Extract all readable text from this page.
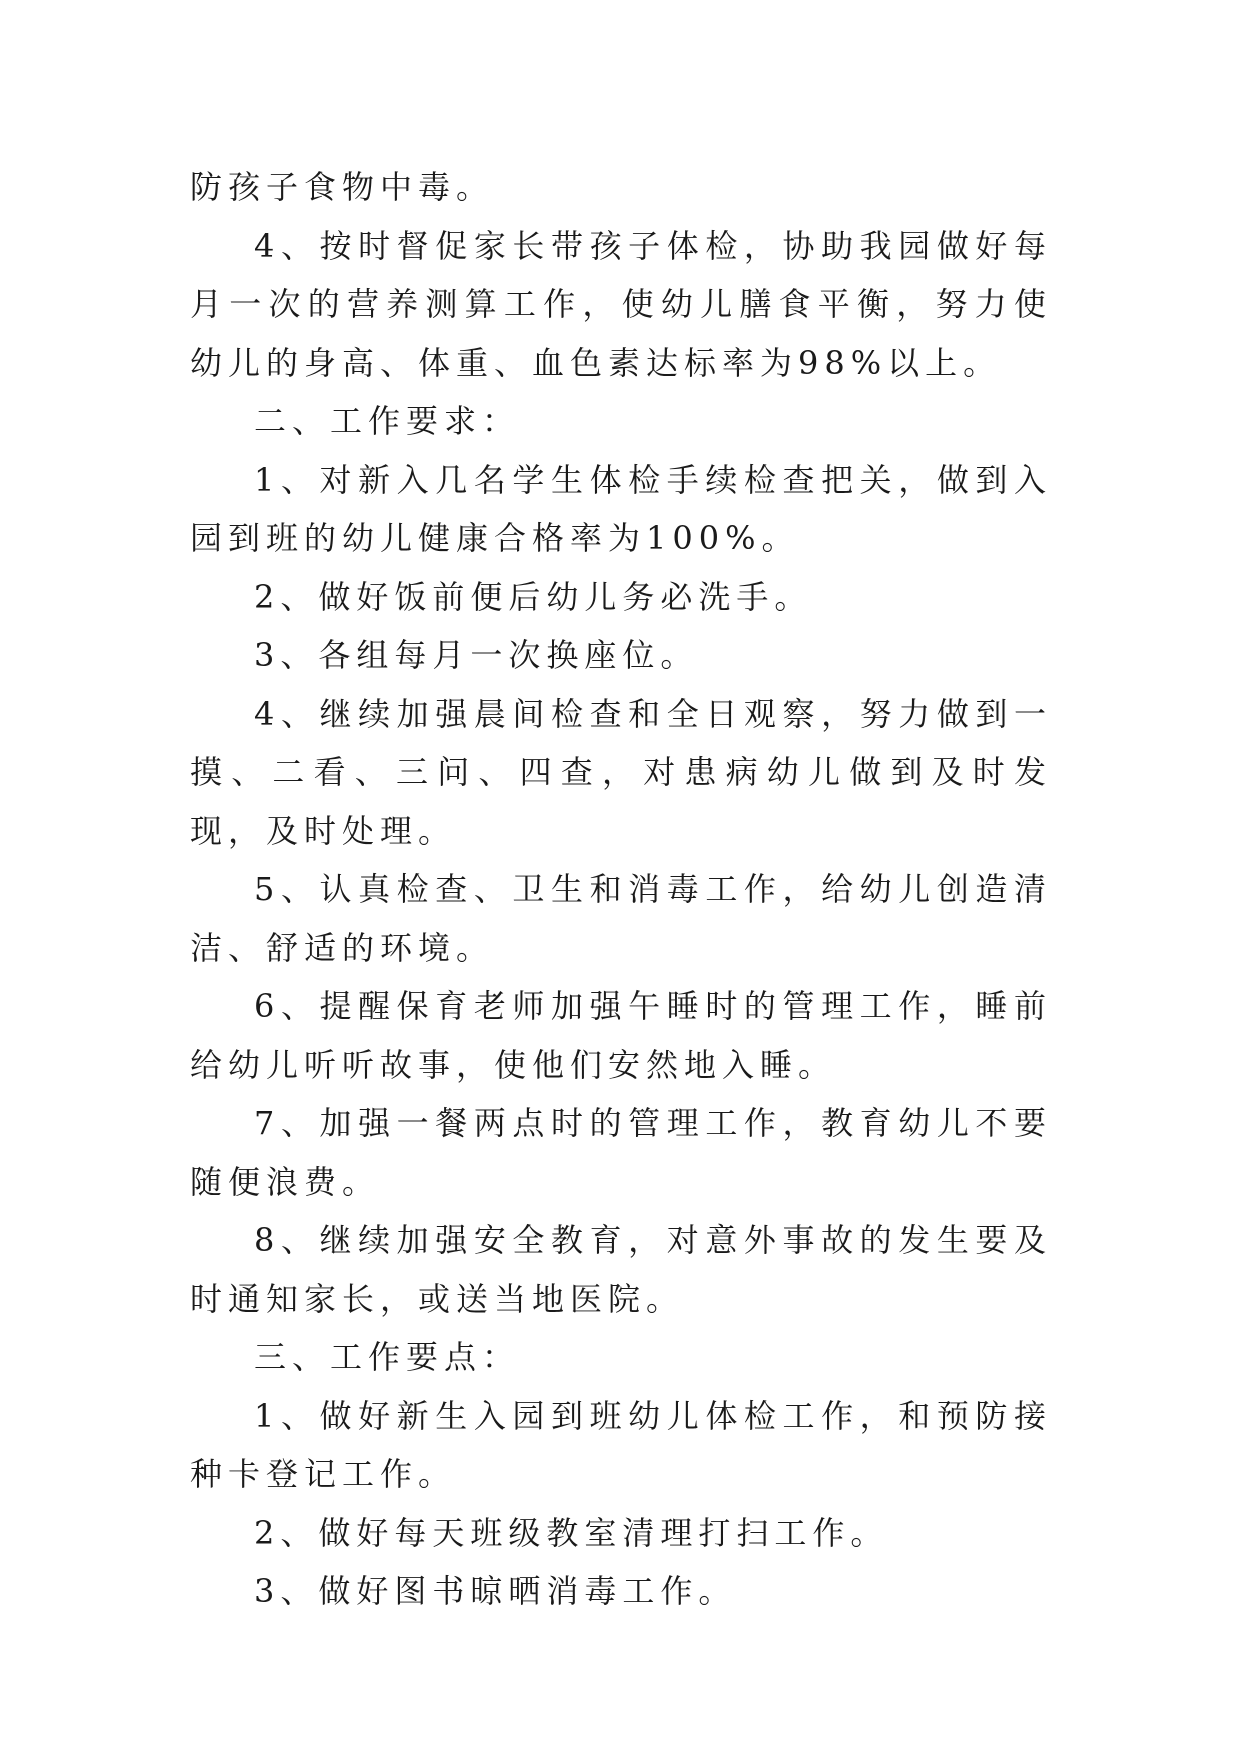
防孩子食物中毒。

4、按时督促家长带孩子体检，协助我园做好每月一次的营养测算工作，使幼儿膳食平衡，努力使幼儿的身高、体重、血色素达标率为98%以上。

二、工作要求：

1、对新入几名学生体检手续检查把关，做到入园到班的幼儿健康合格率为100%。

2、做好饭前便后幼儿务必洗手。

3、各组每月一次换座位。

4、继续加强晨间检查和全日观察，努力做到一摸、二看、三问、四查，对患病幼儿做到及时发现，及时处理。

5、认真检查、卫生和消毒工作，给幼儿创造清洁、舒适的环境。

6、提醒保育老师加强午睡时的管理工作，睡前给幼儿听听故事，使他们安然地入睡。

7、加强一餐两点时的管理工作，教育幼儿不要随便浪费。

8、继续加强安全教育，对意外事故的发生要及时通知家长，或送当地医院。

三、工作要点：

1、做好新生入园到班幼儿体检工作，和预防接种卡登记工作。

2、做好每天班级教室清理打扫工作。

3、做好图书晾晒消毒工作。
